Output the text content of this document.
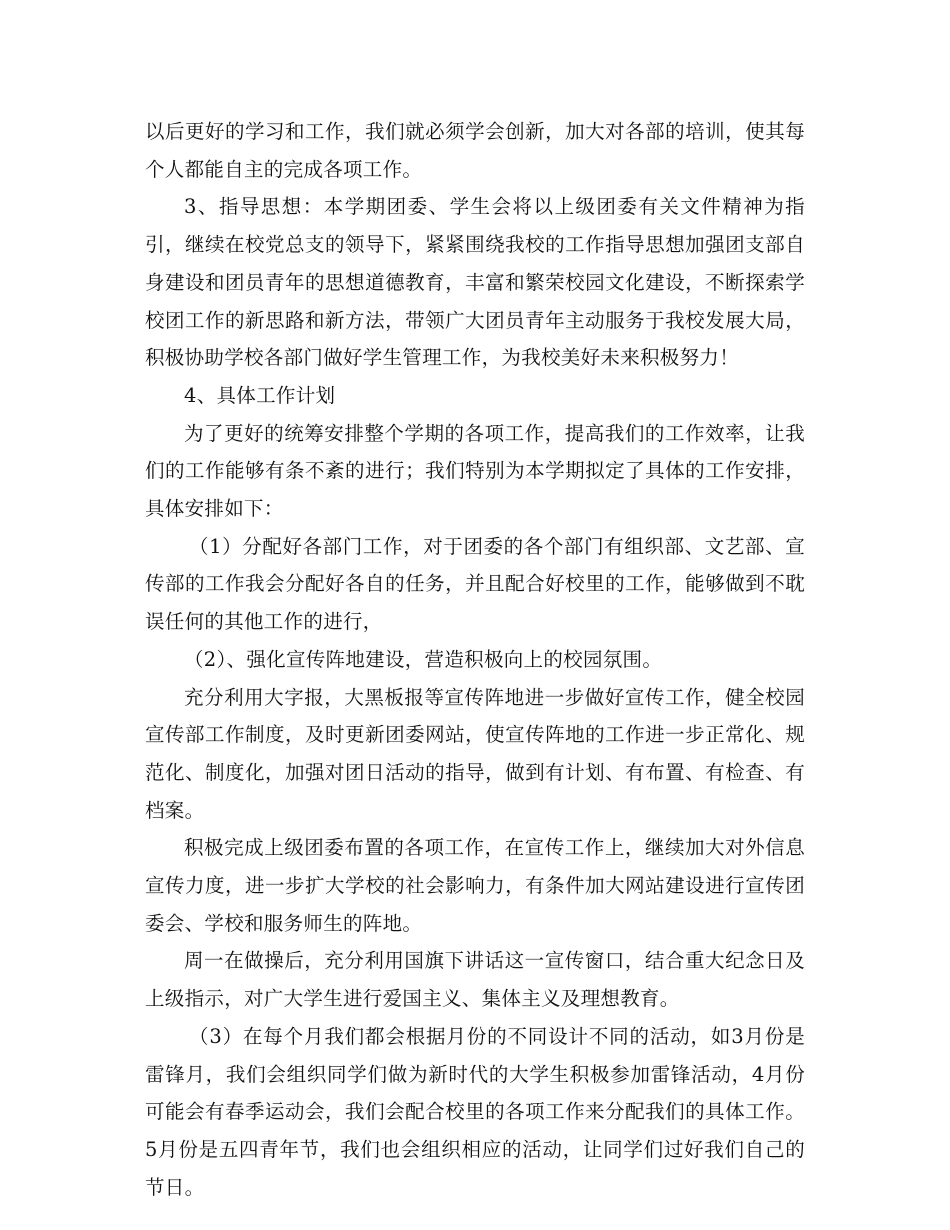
以后更好的学习和工作，我们就必须学会创新，加大对各部的培训，使其每个人都能自主的完成各项工作。

3、指导思想：本学期团委、学生会将以上级团委有关文件精神为指引，继续在校党总支的领导下，紧紧围绕我校的工作指导思想加强团支部自身建设和团员青年的思想道德教育，丰富和繁荣校园文化建设，不断探索学校团工作的新思路和新方法，带领广大团员青年主动服务于我校发展大局，积极协助学校各部门做好学生管理工作，为我校美好未来积极努力！

4、具体工作计划

为了更好的统筹安排整个学期的各项工作，提高我们的工作效率，让我们的工作能够有条不紊的进行；我们特别为本学期拟定了具体的工作安排，具体安排如下：

（1）分配好各部门工作，对于团委的各个部门有组织部、文艺部、宣传部的工作我会分配好各自的任务，并且配合好校里的工作，能够做到不耽误任何的其他工作的进行，

（2）、强化宣传阵地建设，营造积极向上的校园氛围。

充分利用大字报，大黑板报等宣传阵地进一步做好宣传工作，健全校园宣传部工作制度，及时更新团委网站，使宣传阵地的工作进一步正常化、规范化、制度化，加强对团日活动的指导，做到有计划、有布置、有检查、有档案。

积极完成上级团委布置的各项工作，在宣传工作上，继续加大对外信息宣传力度，进一步扩大学校的社会影响力，有条件加大网站建设进行宣传团委会、学校和服务师生的阵地。

周一在做操后，充分利用国旗下讲话这一宣传窗口，结合重大纪念日及上级指示，对广大学生进行爱国主义、集体主义及理想教育。

（3）在每个月我们都会根据月份的不同设计不同的活动，如3月份是雷锋月，我们会组织同学们做为新时代的大学生积极参加雷锋活动，4月份可能会有春季运动会，我们会配合校里的各项工作来分配我们的具体工作。5月份是五四青年节，我们也会组织相应的活动，让同学们过好我们自己的节日。
